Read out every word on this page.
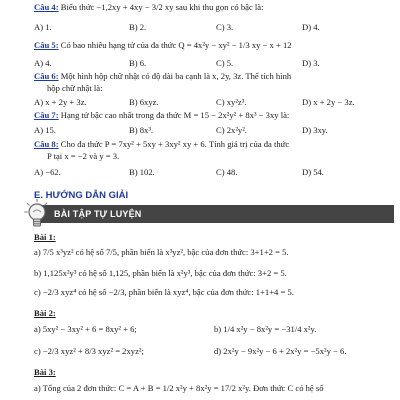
Câu 4: Biểu thức −1,2xy + 4xy − 3/2 xy sau khi thu gọn có bậc là:
A) 1.	B) 2.	C) 3.	D) 4.
Câu 5: Có bao nhiêu hạng tử của đa thức Q = 4x²y − xy² − 1/3 xy − x + 12
A) 4.	B) 6.	C) 5.	D) 3.
Câu 6: Một hình hộp chữ nhật có độ dài ba cạnh là x, 2y, 3z. Thể tích hình
hộp chữ nhật là:
A) x + 2y + 3z.	B) 6xyz.	C) xy²z³.	D) x + 2y − 3z.
Câu 7: Hạng tử bậc cao nhất trong đa thức M = 15 − 2x²y² + 8x³ − 3xy là:
A) 15.	B) 8x³.	C) 2x²y².	D) 3xy.
Câu 8: Cho đa thức P = 7xy² + 5xy + 3xy² xy + 6. Tính giá trị của đa thức
P tại x = −2 và y = 3.
A) −62.	B) 102.	C) 48.	D) 54.
E. HƯỚNG DẪN GIẢI
BÀI TẬP TỰ LUYỆN
Bài 1:
a) 7/5 x³yz² có hệ số 7/5, phần biến là x³yz², bậc của đơn thức: 3+1+2 = 5.
b) 1,125x²y³ có hệ số 1,125, phần biến là x²y³, bậc của đơn thức: 3+2 = 5.
c) −2/3 xyz⁴ có hệ số −2/3, phần biến là xyz⁴, bậc của đơn thức: 1+1+4 = 5.
Bài 2:
a) 5xy² − 3xy² + 6 = 8xy² + 6;	b) 1/4 x²y − 8x²y = −31/4 x²y.
c) −2/3 xyz² + 8/3 xyz² = 2xyz²;	d) 2x²y − 9x²y − 6 + 2x²y = −5x²y − 6.
Bài 3:
a) Tổng của 2 đơn thức: C = A + B = 1/2 x²y + 8x²y = 17/2 x²y. Đơn thức C có hệ số
